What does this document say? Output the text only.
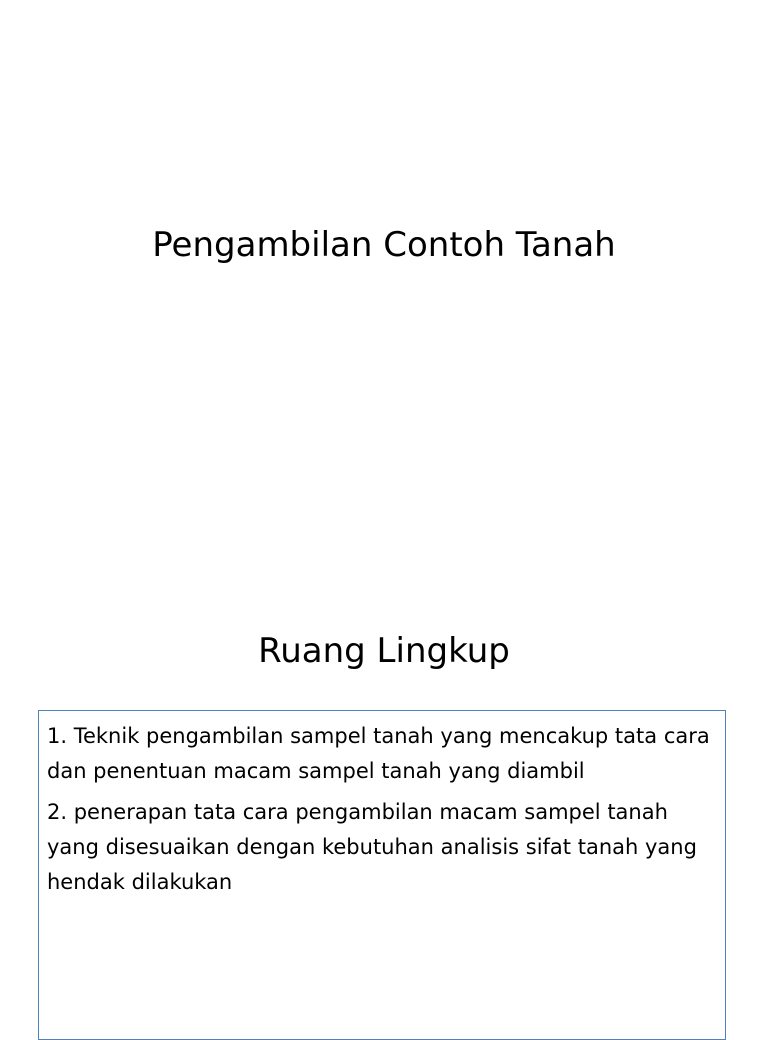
Pengambilan Contoh Tanah
Ruang Lingkup

1. Teknik pengambilan sampel tanah yang mencakup tata cara dan penentuan macam sampel tanah yang diambil

2. penerapan tata cara pengambilan macam sampel tanah yang disesuaikan dengan kebutuhan analisis sifat tanah yang hendak dilakukan
